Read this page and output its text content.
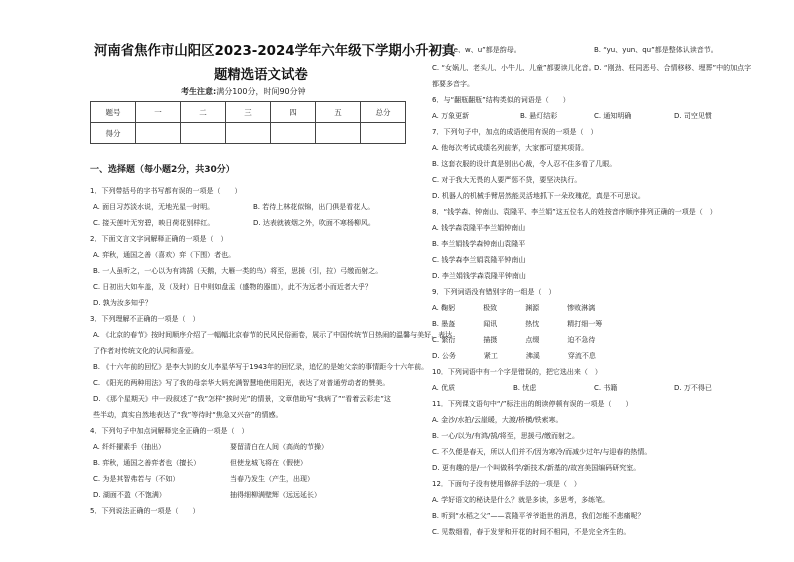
河南省焦作市山阳区2023-2024学年六年级下学期小升初真
题精选语文试卷
考生注意:满分100分，时间90分钟
题号	一	二	三	四	五	总分
得分						
一、选择题（每小题2分，共30分）
1．下列带括号的字书写都有误的一项是（　　）
A. 面目习苏淡水说，无地光星一时明。	B. 若待上林花似锦，出门俱是看花人。
C. 接天莲叶无穷碧，映日荷花别样红。	D. 达表就被烟之外，吹面不寒杨柳风。
2．下面文言文字词解释正确的一项是（　）
A. 弈秋，通国之善（喜欢）弈（下围）者也。
B. 一人虽听之，一心以为有鸿鹄（天鹅，大雁一类的鸟）将至，思援（引，拉）弓缴而射之。
C. 日初出大如车盖，及（及时）日中则如盘盂（盛物的器皿），此不为远者小而近者大乎？
D. 孰为汝多知乎？
3．下列理解不正确的一项是（　）
A. 《北京的春节》按时间顺序介绍了一幅幅北京春节的民风民俗画卷，展示了中国传统节日热闹的温馨与美好，表达
了作者对传统文化的认同和喜爱。
B. 《十六年前的回忆》是李大钊的女儿李星华写于1943年的回忆录，追忆的是她父亲的事情距今十六年前。
C. 《阳光的两种用法》写了我的母亲华大妈充满智慧地使用阳光，表达了对普通劳动者的赞美。
D. 《那个星期天》中一段叙述了“我”怎样“挨时光”的情景，文章借助写“我病了”“看着云彩走”这
些半动，真实自然地表达了“我”等待时“焦急又兴奋”的情感。
4．下列句子中加点词解释完全正确的一项是（　）
A. 纤纤擢素手（抽出）	要留清白在人间（高尚的节操）
B. 弈秋，通国之善弈者也（擅长）	但使龙城飞将在（假使）
C. 为是其智弗若与（不如）	当春乃发生（产生，出现）
D. 湖面不盈（不饱满）	抽得细柳满壁辉（远远延长）
5．下列说法正确的一项是（　　）
A. “i、e、w、u”都是韵母。	B. “yu、yun、qu”都是整体认读音节。
C. “女娲儿、老头儿、小牛儿、儿童”都要读儿化音。
D. “刚劲、枉同恶号、合情移移、埋葬”中的加点字
都要多音字。
6．与“翻瓶翻瓶”结构类似的词语是（　　）
A. 万象更新	B. 悬灯结彩	C. 通知明确	D. 司空见惯
7．下列句子中，加点的成语使用有误的一项是（　）
A. 他每次考试成绩名列前茅，大家都可望其项背。
B. 这套衣服的设计真是别出心裁，令人忍不住多看了几眼。
C. 对于我大无畏的人要严惩不贷，要坚决执行。
D. 机器人的机械手臂居然能灵活地抓下一朵玫瑰花，真是不可思议。
8．“钱学森、钟南山、袁隆平、李兰娟”这五位名人的姓按音序顺序排列正确的一项是（　）
A. 钱学森袁隆平李兰娟钟南山
B. 李兰娟钱学森钟南山袁隆平
C. 钱学森李兰娟袁隆平钟南山
D. 李兰娟钱学森袁隆平钟南山
9．下列词语没有错别字的一组是（　）
A. 鞠躬　　　　极致　　　　渊源　　　　惨败淋漓
B. 墨盔　　　　闻讯　　　　热忱　　　　精打细一筹
C. 繁衍　　　　描摄　　　　点缀　　　　迫不急待
D. 公务　　　　紧工　　　　沸溪　　　　穿流不息
10．下列词语中有一个字是错误的，把它选出来（　）
A. 优质	B. 忧虑	C. 书籍	D. 万不得已
11．下列课文语句中“/”标注出的朗读停顿有误的一项是（　　）
A. 金沙/水拍/云崖暖，大渡/桥横/铁索寒。
B. 一心/以为/有鸿/鹄/将至，思援弓/缴而射之。
C. 不久便是春天，所以人们并不/因为寒冷/而减少过年/与迎春的热情。
D. 更有趣的是/一个叫做科学/新技术/新基的/故宫美国编码研究室。
12．下面句子没有使用修辞手法的一项是（　）
A. 学好语文的秘诀是什么？就是多读，多思考，多练笔。
B. 听到“水稻之父”——袁隆平爷爷逝世的消息，我们怎能不悲痛呢？
C. 见数细看，春于发芽和开花的时间不相同，不是完全齐生的。
